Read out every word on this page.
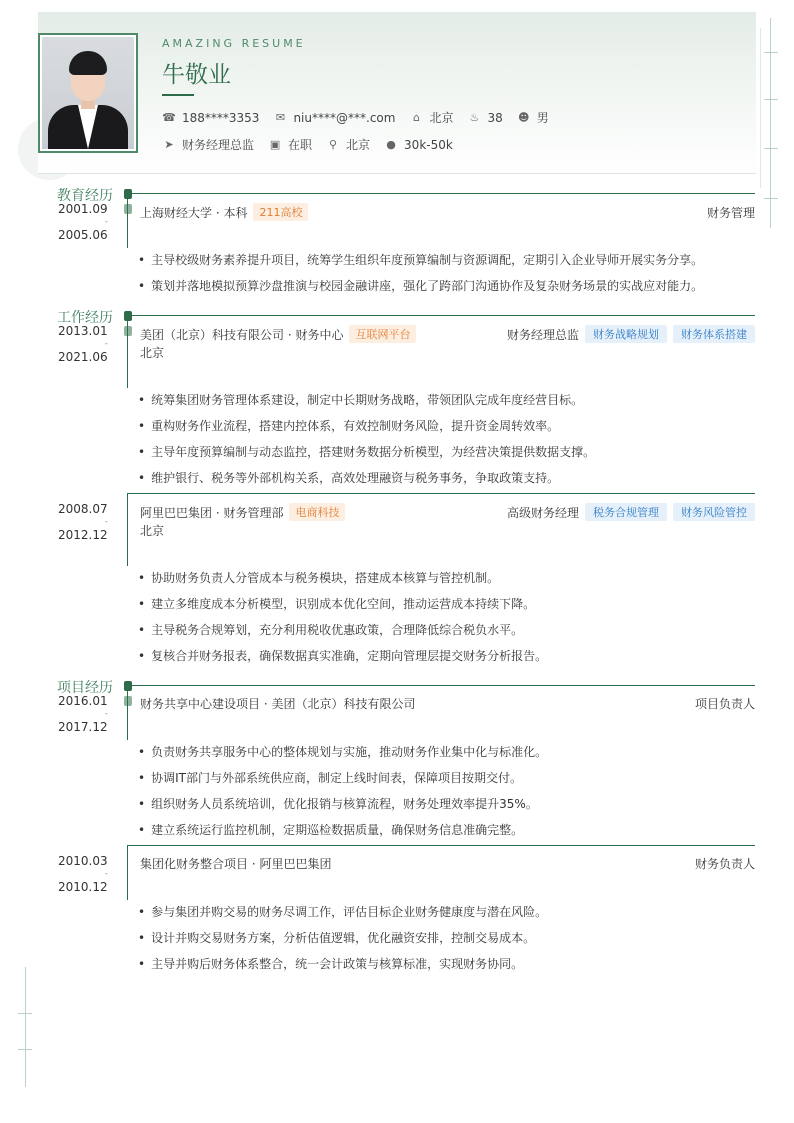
AMAZING RESUME
牛敬业
☎ 188****3353 ✉ niu****@***.com	⌂ 北京 ♨ 38 ☻ 男
➤ 财务经理总监 ▣ 在职 ⚲ 北京 ● 30k-50k
教育经历
2001.09
-
2005.06
上海财经大学 · 本科	211高校	财务管理
• 主导校级财务素养提升项目，统筹学生组织年度预算编制与资源调配，定期引入企业导师开展实务分享。
• 策划并落地模拟预算沙盘推演与校园金融讲座，强化了跨部门沟通协作及复杂财务场景的实战应对能力。
工作经历
2013.01
-
2021.06
美团（北京）科技有限公司 · 财务中心	互联网平台	财务经理总监	财务战略规划	财务体系搭建
北京
• 统筹集团财务管理体系建设，制定中长期财务战略，带领团队完成年度经营目标。
• 重构财务作业流程，搭建内控体系，有效控制财务风险，提升资金周转效率。
• 主导年度预算编制与动态监控，搭建财务数据分析模型，为经营决策提供数据支撑。
• 维护银行、税务等外部机构关系，高效处理融资与税务事务，争取政策支持。
2008.07
-
2012.12
阿里巴巴集团 · 财务管理部	电商科技	高级财务经理	税务合规管理	财务风险管控
北京
• 协助财务负责人分管成本与税务模块，搭建成本核算与管控机制。
• 建立多维度成本分析模型，识别成本优化空间，推动运营成本持续下降。
• 主导税务合规筹划，充分利用税收优惠政策，合理降低综合税负水平。
• 复核合并财务报表，确保数据真实准确，定期向管理层提交财务分析报告。
项目经历
2016.01
-
2017.12
财务共享中心建设项目 · 美团（北京）科技有限公司	项目负责人
• 负责财务共享服务中心的整体规划与实施，推动财务作业集中化与标准化。
• 协调IT部门与外部系统供应商，制定上线时间表，保障项目按期交付。
• 组织财务人员系统培训，优化报销与核算流程，财务处理效率提升35%。
• 建立系统运行监控机制，定期巡检数据质量，确保财务信息准确完整。
2010.03
-
2010.12
集团化财务整合项目 · 阿里巴巴集团	财务负责人
• 参与集团并购交易的财务尽调工作，评估目标企业财务健康度与潜在风险。
• 设计并购交易财务方案，分析估值逻辑，优化融资安排，控制交易成本。
• 主导并购后财务体系整合，统一会计政策与核算标准，实现财务协同。
